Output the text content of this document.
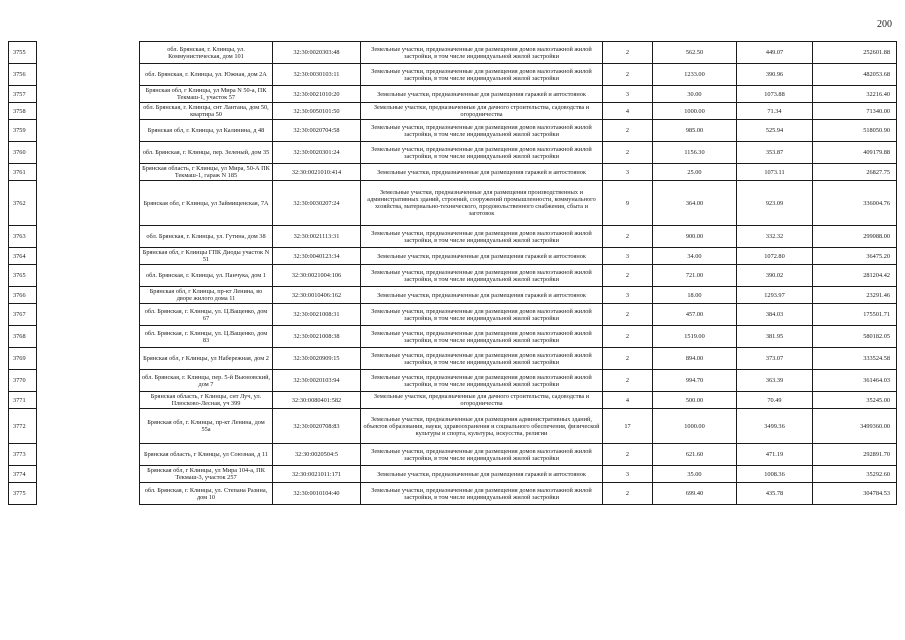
200
3755		обл. Брянская, г. Клинцы, ул. Коммунистическая, дом 101	32:30:0020303:48	Земельные участки, предназначенные для размещения домов малоэтажной жилой застройки, в том числе индивидуальной жилой застройки	2	562.50	449.07	252601.88
3756		обл. Брянская, г. Клинцы, ул. Южная, дом 2А	32:30:0030103:11	Земельные участки, предназначенные для размещения домов малоэтажной жилой застройки, в том числе индивидуальной жилой застройки	2	1233.00	390.96	482053.68
3757		Брянская обл, г Клинцы, ул Мира N 50-а, ПК Текмаш-1, участок 57	32:30:0021010:20	Земельные участки, предназначенные для размещения гаражей и автостоянок	3	30.00	1073.88	32216.40
3758		обл. Брянская, г. Клинцы, снт Лантана, дом 50, квартира 50	32:30:0050101:50	Земельные участки, предназначенные для дачного строительства, садоводства и огородничества	4	1000.00	71.34	71340.00
3759		Брянская обл, г. Клинцы, ул Калинина, д 48	32:30:0020704:58	Земельные участки, предназначенные для размещения домов малоэтажной жилой застройки, в том числе индивидуальной жилой застройки	2	985.00	525.94	518050.90
3760		обл. Брянская, г. Клинцы, пер. Зеленый, дом 35	32:30:0020301:24	Земельные участки, предназначенные для размещения домов малоэтажной жилой застройки, в том числе индивидуальной жилой застройки	2	1156.30	353.87	409179.88
3761		Брянская область, г Клинцы, ул Мира, 50-А ПК Текмаш-1, гараж N 185	32:30:0021010:414	Земельные участки, предназначенные для размещения гаражей и автостоянок	3	25.00	1073.11	26827.75
3762		Брянская обл, г Клинцы, ул Займищенская, 7А	32:30:0030207:24	Земельные участки, предназначенные для размещения производственных и административных зданий, строений, сооружений промышленности, коммунального хозяйства, материально-технического, продовольственного снабжения, сбыта и заготовок	9	364.00	923.09	336004.76
3763		обл. Брянская, г. Клинцы, ул. Гутина, дом 38	32:30:0021113:31	Земельные участки, предназначенные для размещения домов малоэтажной жилой застройки, в том числе индивидуальной жилой застройки	2	900.00	332.32	299088.00
3764		Брянская обл, г Клинцы ГПК Диоды участок N 51	32:30:0040123:34	Земельные участки, предназначенные для размещения гаражей и автостоянок	3	34.00	1072.80	36475.20
3765		обл. Брянская, г. Клинцы, ул. Панчука, дом 1	32:30:0021004:106	Земельные участки, предназначенные для размещения домов малоэтажной жилой застройки, в том числе индивидуальной жилой застройки	2	721.00	390.02	281204.42
3766		Брянская обл, г Клинцы, пр-кт Ленина, во дворе жилого дома 11	32:30:0010406:162	Земельные участки, предназначенные для размещения гаражей и автостоянок	3	18.00	1293.97	23291.46
3767		обл. Брянская, г. Клинцы, ул. Ц.Ващенко, дом 67	32:30:0021008:31	Земельные участки, предназначенные для размещения домов малоэтажной жилой застройки, в том числе индивидуальной жилой застройки	2	457.00	384.03	175501.71
3768		обл. Брянская, г. Клинцы, ул. Ц.Ващенко, дом 83	32:30:0021008:38	Земельные участки, предназначенные для размещения домов малоэтажной жилой застройки, в том числе индивидуальной жилой застройки	2	1519.00	381.95	580182.05
3769		Брянская обл, г Клинцы, ул Набережная, дом 2	32:30:0020909:15	Земельные участки, предназначенные для размещения домов малоэтажной жилой застройки, в том числе индивидуальной жилой застройки	2	894.00	373.07	333524.58
3770		обл. Брянская, г. Клинцы, пер. 5-й Вьюновский, дом 7	32:30:0020103:94	Земельные участки, предназначенные для размещения домов малоэтажной жилой застройки, в том числе индивидуальной жилой застройки	2	994.70	363.39	361464.03
3771		Брянская область, г Клинцы, снт Луч, ул. Плюсково-Лесная, уч 399	32:30:0080401:582	Земельные участки, предназначенные для дачного строительства, садоводства и огородничества	4	500.00	70.49	35245.00
3772		Брянская обл, г. Клинцы, пр-кт Ленина, дом 55а	32:30:0020708:83	Земельные участки, предназначенные для размещения административных зданий, объектов образования, науки, здравоохранения и социального обеспечения, физической культуры и спорта, культуры, искусства, религии	17	1000.00	3499.36	3499360.00
3773		Брянская область, г Клинцы, ул Союзная, д 11	32:30:0020504:5	Земельные участки, предназначенные для размещения домов малоэтажной жилой застройки, в том числе индивидуальной жилой застройки	2	621.60	471.19	292891.70
3774		Брянская обл, г Клинцы, ул Мира 104-а, ПК Текмаш-3, участок 257	32:30:0021011:171	Земельные участки, предназначенные для размещения гаражей и автостоянок	3	35.00	1008.36	35292.60
3775		обл. Брянская, г. Клинцы, ул. Степана Разина, дом 10	32:30:0010104:40	Земельные участки, предназначенные для размещения домов малоэтажной жилой застройки, в том числе индивидуальной жилой застройки	2	699.40	435.78	304784.53
